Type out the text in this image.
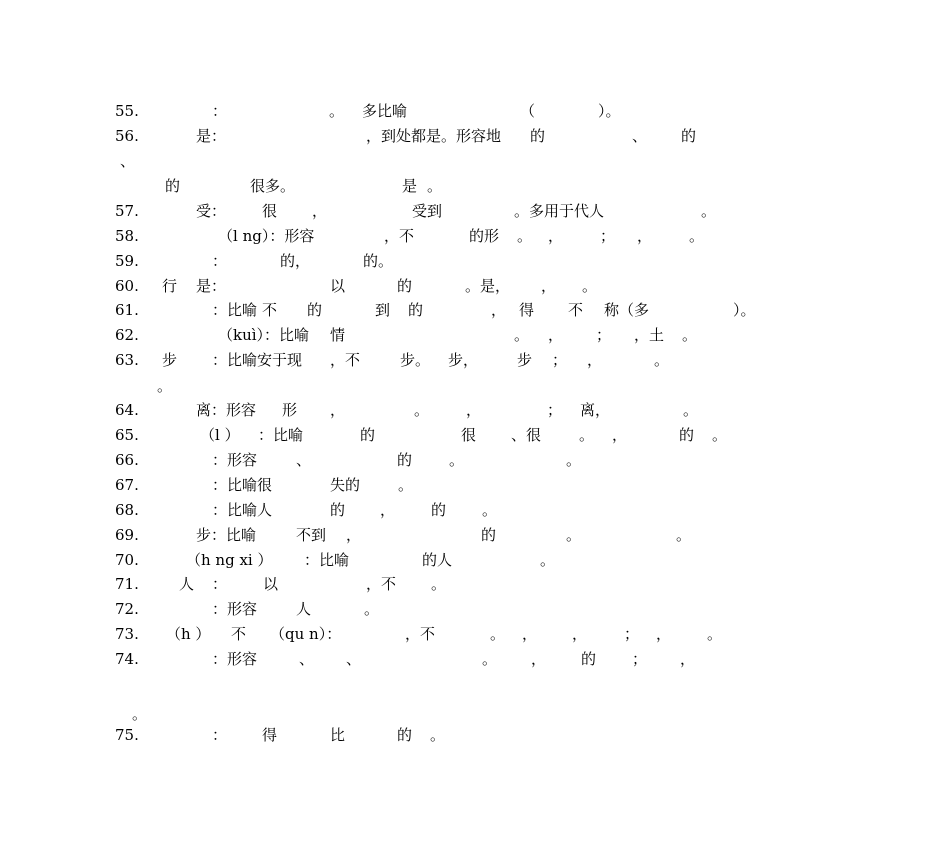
55.	：	。 多比喻	（	）。
56.	是：	，到处都是。形容地 的	、 的
、
的	很多。	是 。
57.	受： 很 ，	受到	。多用于代人	。
58.	（l ng）：形容	，不	的形 。 ， ； ， 。
59.	：	的，	的。
60. 行 是：	以	的	。是， ， 。
61.	：比喻 不 的	到 的	， 得 不 称（多	）。
62.	（kuì）：比喻 情	。 ， ； ，土 。
63. 步 ：比喻安于现 ，不	步。 步，	步 ； ，	。
。
64.	离：形容 形 ，	。 ，	； 离，	。
65.	（l ） ：比喻	的	很 、很	。 ，	的 。
66.	：形容	、	的 。	。
67.	：比喻很	失的	。
68.	：比喻人	的 ， 的 。
69.	步：比喻	不到 ，	的	。	。
70.	（h ng xi ） ：比喻	的人	。
71.	人 ： 以	，不 。
72.	：形容	人	。
73. （h ） 不 （qu n）：	，不	。 ， ， ； ， 。
74.	：形容	、 、	。 ， 的 ； ，
。
75.	： 得	比	的 。
